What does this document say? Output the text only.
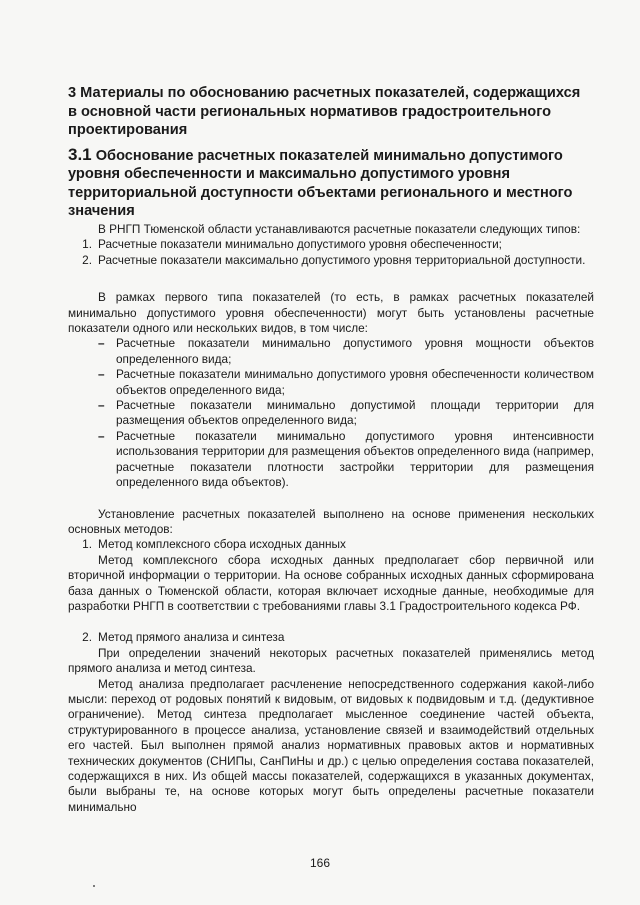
3 Материалы по обоснованию расчетных показателей, содержащихся в основной части региональных нормативов градостроительного проектирования
3.1 Обоснование расчетных показателей минимально допустимого уровня обеспеченности и максимально допустимого уровня территориальной доступности объектами регионального и местного значения

В РНГП Тюменской области устанавливаются расчетные показатели следующих типов:

1. Расчетные показатели минимально допустимого уровня обеспеченности;
2. Расчетные показатели максимально допустимого уровня территориальной доступности.

В рамках первого типа показателей (то есть, в рамках расчетных показателей минимально допустимого уровня обеспеченности) могут быть установлены расчетные показатели одного или нескольких видов, в том числе:

– Расчетные показатели минимально допустимого уровня мощности объектов определенного вида;
– Расчетные показатели минимально допустимого уровня обеспеченности количеством объектов определенного вида;
– Расчетные показатели минимально допустимой площади территории для размещения объектов определенного вида;
– Расчетные показатели минимально допустимого уровня интенсивности использования территории для размещения объектов определенного вида (например, расчетные показатели плотности застройки территории для размещения определенного вида объектов).

Установление расчетных показателей выполнено на основе применения нескольких основных методов:

1. Метод комплексного сбора исходных данных

Метод комплексного сбора исходных данных предполагает сбор первичной или вторичной информации о территории. На основе собранных исходных данных сформирована база данных о Тюменской области, которая включает исходные данные, необходимые для разработки РНГП в соответствии с требованиями главы 3.1 Градостроительного кодекса РФ.

2. Метод прямого анализа и синтеза

При определении значений некоторых расчетных показателей применялись метод прямого анализа и метод синтеза.

Метод анализа предполагает расчленение непосредственного содержания какой-либо мысли: переход от родовых понятий к видовым, от видовых к подвидовым и т.д. (дедуктивное ограничение). Метод синтеза предполагает мысленное соединение частей объекта, структурированного в процессе анализа, установление связей и взаимодействий отдельных его частей. Был выполнен прямой анализ нормативных правовых актов и нормативных технических документов (СНИПы, СанПиНы и др.) с целью определения состава показателей, содержащихся в них. Из общей массы показателей, содержащихся в указанных документах, были выбраны те, на основе которых могут быть определены расчетные показатели минимально

166
